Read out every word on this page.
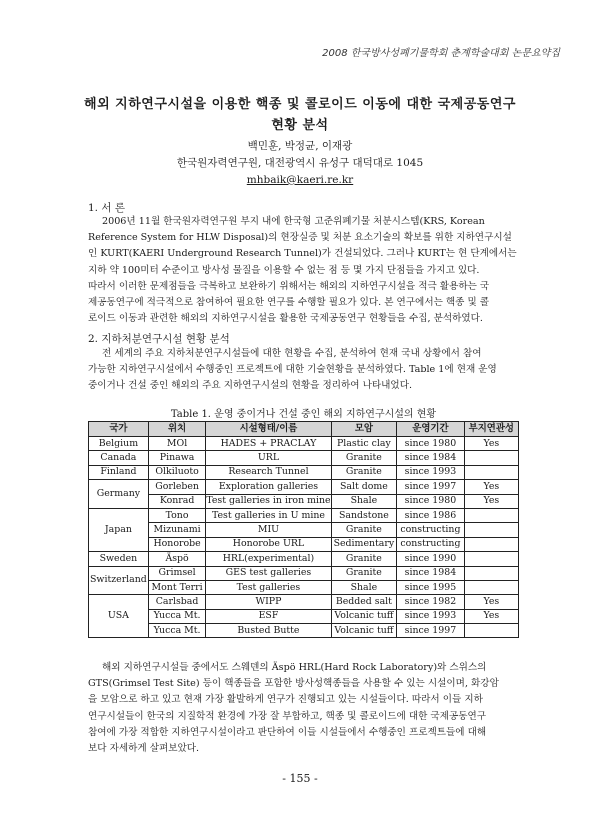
2008 한국방사성폐기물학회 춘계학술대회 논문요약집
해외 지하연구시설을 이용한 핵종 및 콜로이드 이동에 대한 국제공동연구
현황 분석
백민훈, 박정균, 이재광
한국원자력연구원, 대전광역시 유성구 대덕대로 1045
mhbaik@kaeri.re.kr
1. 서 론
2006년 11월 한국원자력연구원 부지 내에 한국형 고준위폐기물 처분시스템(KRS, Korean
Reference System for HLW Disposal)의 현장실증 및 처분 요소기술의 확보를 위한 지하연구시설
인 KURT(KAERI Underground Research Tunnel)가 건설되었다. 그러나 KURT는 현 단계에서는
지하 약 100미터 수준이고 방사성 물질을 이용할 수 없는 점 등 몇 가지 단점들을 가지고 있다.
따라서 이러한 문제점들을 극복하고 보완하기 위해서는 해외의 지하연구시설을 적극 활용하는 국
제공동연구에 적극적으로 참여하여 필요한 연구를 수행할 필요가 있다. 본 연구에서는 핵종 및 콜
로이드 이동과 관련한 해외의 지하연구시설을 활용한 국제공동연구 현황들을 수집, 분석하였다.
2. 지하처분연구시설 현황 분석
전 세계의 주요 지하처분연구시설들에 대한 현황을 수집, 분석하여 현재 국내 상황에서 참여
가능한 지하연구시설에서 수행중인 프로젝트에 대한 기술현황을 분석하였다. Table 1에 현재 운영
중이거나 건설 중인 해외의 주요 지하연구시설의 현황을 정리하여 나타내었다.
Table 1. 운영 중이거나 건설 중인 해외 지하연구시설의 현황
국가	위치	시설형태/이름	모암	운영기간	부지연관성
Belgium	MOl	HADES + PRACLAY	Plastic clay	since 1980	Yes
Canada	Pinawa	URL	Granite	since 1984	
Finland	Olkiluoto	Research Tunnel	Granite	since 1993	
Germany	Gorleben	Exploration galleries	Salt dome	since 1997	Yes
	Konrad	Test galleries in iron mine	Shale	since 1980	Yes
Japan	Tono	Test galleries in U mine	Sandstone	since 1986	
	Mizunami	MIU	Granite	constructing	
	Honorobe	Honorobe URL	Sedimentary	constructing	
Sweden	Äspö	HRL(experimental)	Granite	since 1990	
Switzerland	Grimsel	GES test galleries	Granite	since 1984	
	Mont Terri	Test galleries	Shale	since 1995	
USA	Carlsbad	WIPP	Bedded salt	since 1982	Yes
	Yucca Mt.	ESF	Volcanic tuff	since 1993	Yes
	Yucca Mt.	Busted Butte	Volcanic tuff	since 1997	
해외 지하연구시설들 중에서도 스웨덴의 Äspö HRL(Hard Rock Laboratory)와 스위스의
GTS(Grimsel Test Site) 등이 핵종들을 포함한 방사성핵종들을 사용할 수 있는 시설이며, 화강암
을 모암으로 하고 있고 현재 가장 활발하게 연구가 진행되고 있는 시설들이다. 따라서 이들 지하
연구시설들이 한국의 지질학적 환경에 가장 잘 부합하고, 핵종 및 콜로이드에 대한 국제공동연구
참여에 가장 적합한 지하연구시설이라고 판단하여 이들 시설들에서 수행중인 프로젝트들에 대해
보다 자세하게 살펴보았다.
- 155 -
